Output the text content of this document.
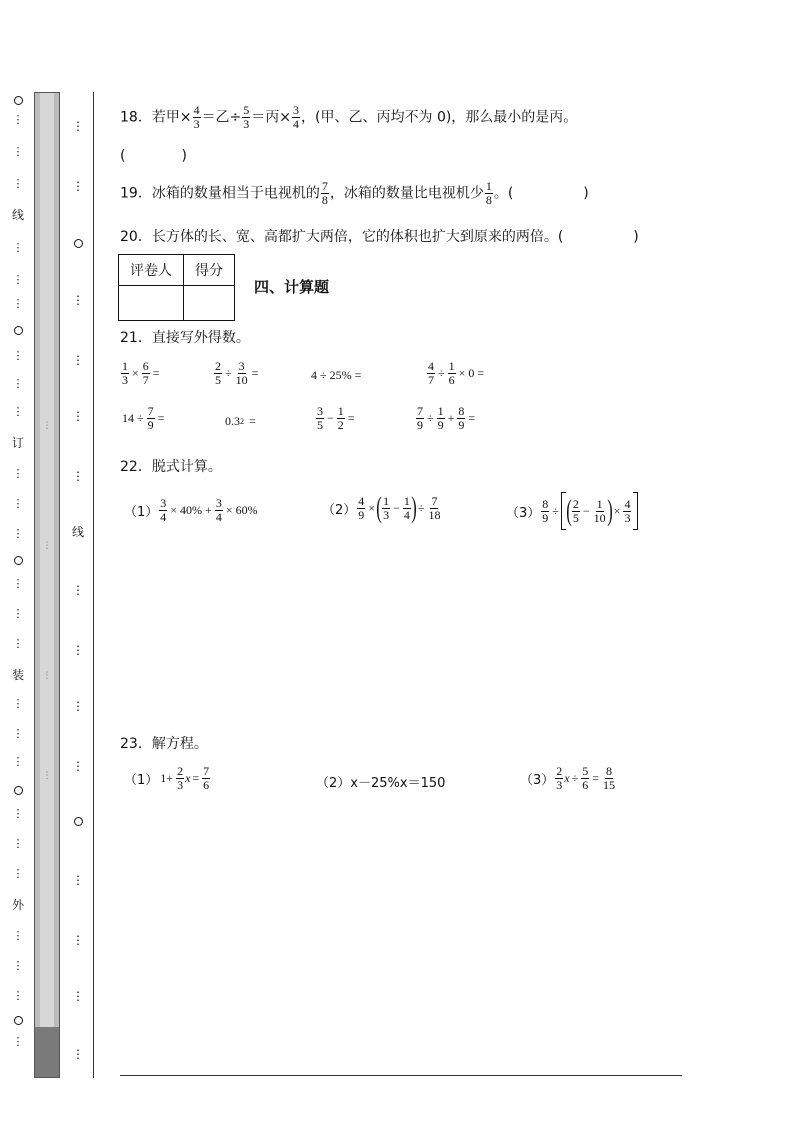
⋮
⋮
⋮
线
⋮
⋮
⋮
⋮
⋮
⋮
订
⋮
⋮
⋮
⋮
⋮
⋮
装
⋮
⋮
⋮
⋮
⋮
⋮
外
⋮
⋮
⋮
⋮
⋮
⋮
⋮
⋮
⋮
⋮
⋮
⋮
⋮
⋮
线
⋮
⋮
⋮
⋮
⋮
⋮
⋮
⋮
18．若甲× $\frac{4}{3}$ ＝乙÷ $\frac{5}{3}$ ＝丙× $\frac{3}{4}$ ，(甲、乙、丙均不为 0)，那么最小的是丙。
(　　　　)
19．冰箱的数量相当于电视机的 $\frac{7}{8}$ ，冰箱的数量比电视机少 $\frac{1}{8}$ 。(　　　　　)
20．长方体的长、宽、高都扩大两倍，它的体积也扩大到原来的两倍。(　　　　　)
评卷人	得分

四、计算题
21．直接写外得数。
$\frac{1}{3} \times \frac{6}{7}$ =	$\frac{2}{5} \div \frac{3}{10}$ =	4 ÷ 25% =	$\frac{4}{7} \div \frac{1}{6} \times 0$ =
$14 \div \frac{7}{9}$ =	0.3 2 =	$\frac{3}{5} - \frac{1}{2}$ =	$\frac{7}{9} \div \frac{1}{9} + \frac{8}{9}$ =
22．脱式计算。
$(1) \frac{3}{4} \times 40\% + \frac{3}{4} \times 60\%$	$(2) \frac{4}{9}$ × ( $\frac{1}{3} - \frac{1}{4}$ ) ÷ $\frac{7}{18}$	$(3) \frac{8}{9}$ ÷ ( $\frac{2}{5} - \frac{1}{10}$ ) × $\frac{4}{3}$
23．解方程。
（1） $1+ \frac{2}{3}$ $x = \frac{7}{6}$	（2）x－25%x＝150	$(3) \frac{2}{3}$ $x \div \frac{5}{6} = \frac{8}{15}$
